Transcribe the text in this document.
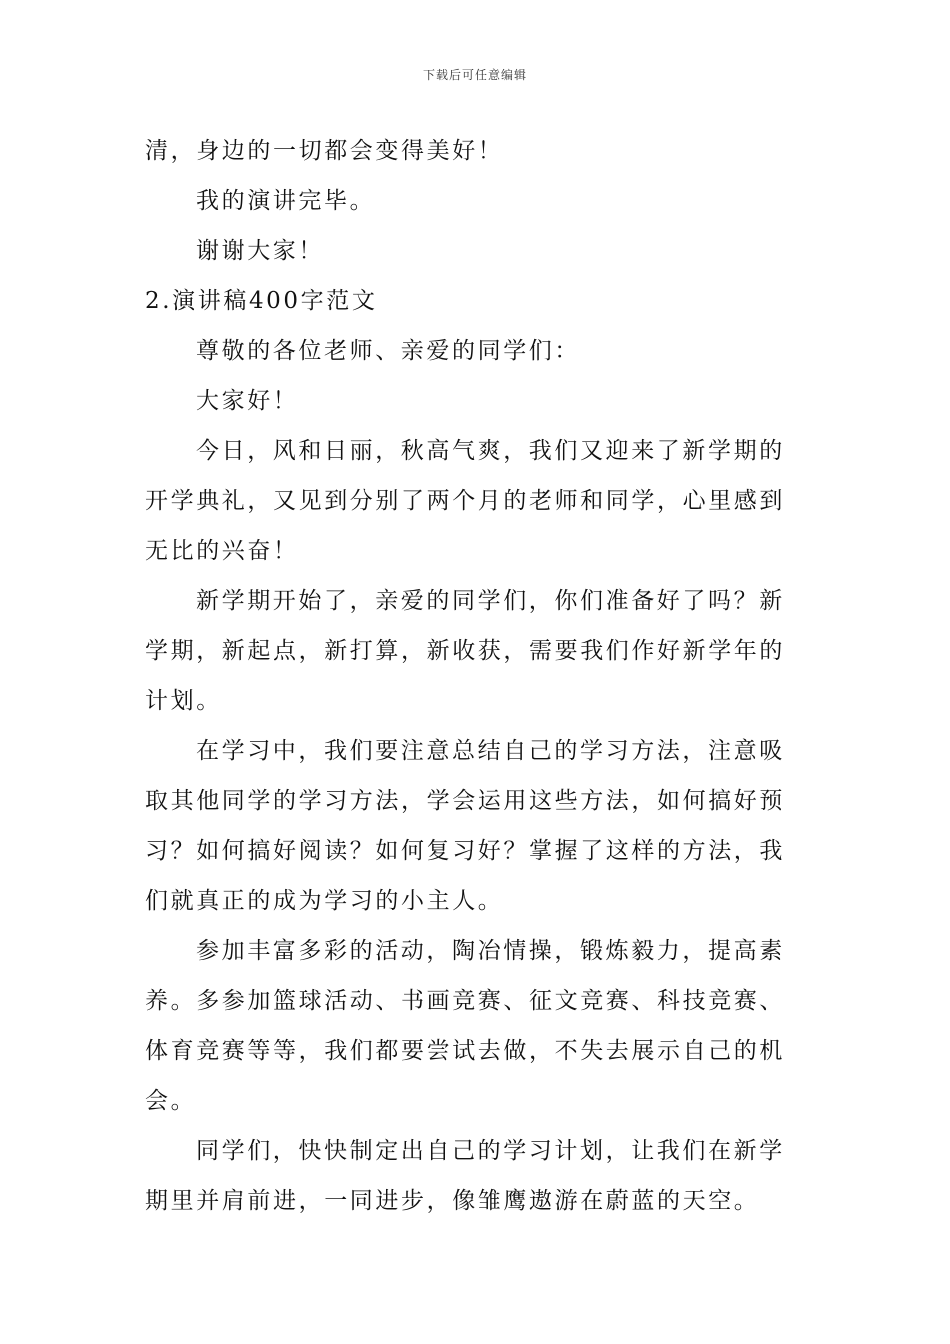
下载后可任意编辑
清，身边的一切都会变得美好！
我的演讲完毕。
谢谢大家！
2.演讲稿400字范文
尊敬的各位老师、亲爱的同学们：
大家好！
今日，风和日丽，秋高气爽，我们又迎来了新学期的
开学典礼，又见到分别了两个月的老师和同学，心里感到
无比的兴奋！
新学期开始了，亲爱的同学们，你们准备好了吗？新
学期，新起点，新打算，新收获，需要我们作好新学年的
计划。
在学习中，我们要注意总结自己的学习方法，注意吸
取其他同学的学习方法，学会运用这些方法，如何搞好预
习？如何搞好阅读？如何复习好？掌握了这样的方法，我
们就真正的成为学习的小主人。
参加丰富多彩的活动，陶冶情操，锻炼毅力，提高素
养。多参加篮球活动、书画竞赛、征文竞赛、科技竞赛、
体育竞赛等等，我们都要尝试去做，不失去展示自己的机
会。
同学们，快快制定出自己的学习计划，让我们在新学
期里并肩前进，一同进步，像雏鹰遨游在蔚蓝的天空。
